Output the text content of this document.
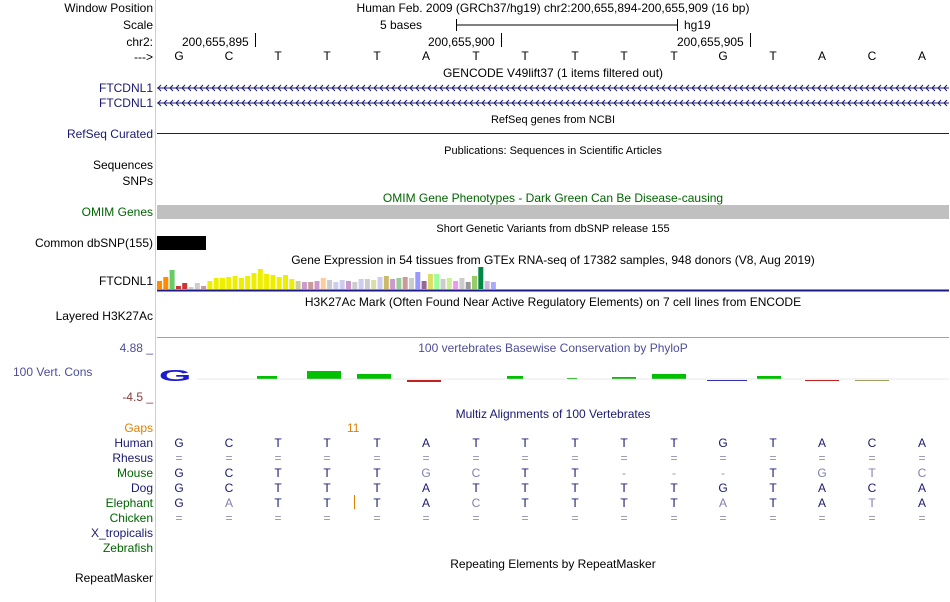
Window Position	Human Feb. 2009 (GRCh37/hg19) chr2:200,655,894-200,655,909 (16 bp)
Scale	5 bases	hg19
chr2: 200,655,895	200,655,900	200,655,905
--->	G	C	T	T	T	A	T	T	T	T	T	G	T	A	C	A
GENCODE V49lift37 (1 items filtered out)
FTCDNL1
FTCDNL1
RefSeq genes from NCBI
RefSeq Curated
Publications: Sequences in Scientific Articles
Sequences
SNPs
OMIM Gene Phenotypes - Dark Green Can Be Disease-causing
OMIM Genes
Short Genetic Variants from dbSNP release 155
Common dbSNP(155)
Gene Expression in 54 tissues from GTEx RNA-seq of 17382 samples, 948 donors (V8, Aug 2019)
FTCDNL1
H3K27Ac Mark (Often Found Near Active Regulatory Elements) on 7 cell lines from ENCODE
Layered H3K27Ac
4.88 _	100 vertebrates Basewise Conservation by PhyloP
100 Vert. Cons
-4.5 _
G
Multiz Alignments of 100 Vertebrates
Gaps	11
Human	G	C	T	T	T	A	T	T	T	T	T	G	T	A	C	A
Rhesus	=	=	=	=	=	=	=	=	=	=	=	=	=	=	=	=
Mouse	G	C	T	T	T	G	C	T	T	-	-	-	T	G	T	C
Dog	G	C	T	T	T	A	T	T	T	T	T	G	T	A	C	A
Elephant	G	A	T	T	T	A	C	T	T	T	T	A	T	A	T	A
Chicken	=	=	=	=	=	=	=	=	=	=	=	=	=	=	=	=
X_tropicalis
Zebrafish
Repeating Elements by RepeatMasker
RepeatMasker
